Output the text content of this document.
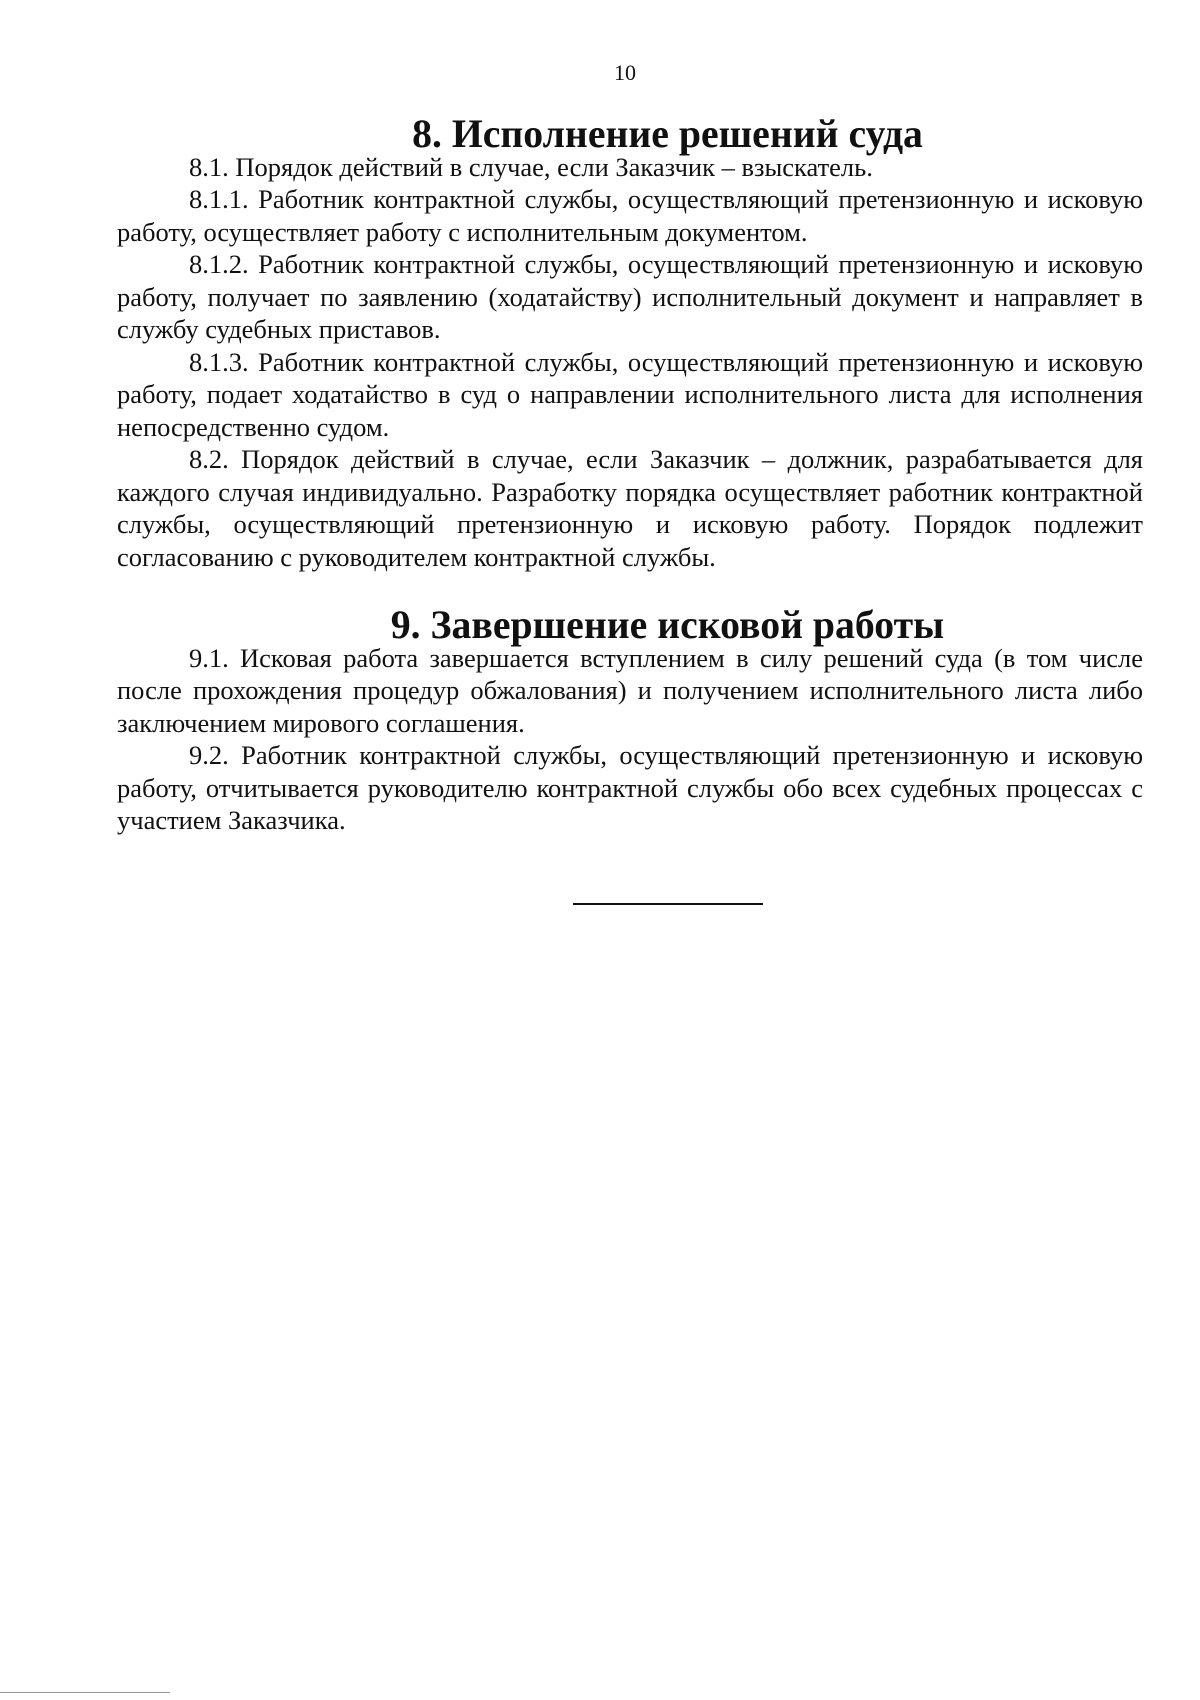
10
8. Исполнение решений суда

8.1. Порядок действий в случае, если Заказчик – взыскатель.

8.1.1. Работник контрактной службы, осуществляющий претензионную и исковую работу, осуществляет работу с исполнительным документом.

8.1.2. Работник контрактной службы, осуществляющий претензионную и исковую работу, получает по заявлению (ходатайству) исполнительный документ и направляет в службу судебных приставов.

8.1.3. Работник контрактной службы, осуществляющий претензионную и исковую работу, подает ходатайство в суд о направлении исполнительного листа для исполнения непосредственно судом.

8.2. Порядок действий в случае, если Заказчик – должник, разрабатывается для каждого случая индивидуально. Разработку порядка осуществляет работник контрактной службы, осуществляющий претензионную и исковую работу. Порядок подлежит согласованию с руководителем контрактной службы.

9. Завершение исковой работы

9.1. Исковая работа завершается вступлением в силу решений суда (в том числе после прохождения процедур обжалования) и получением исполнительного листа либо заключением мирового соглашения.

9.2. Работник контрактной службы, осуществляющий претензионную и исковую работу, отчитывается руководителю контрактной службы обо всех судебных процессах с участием Заказчика.
